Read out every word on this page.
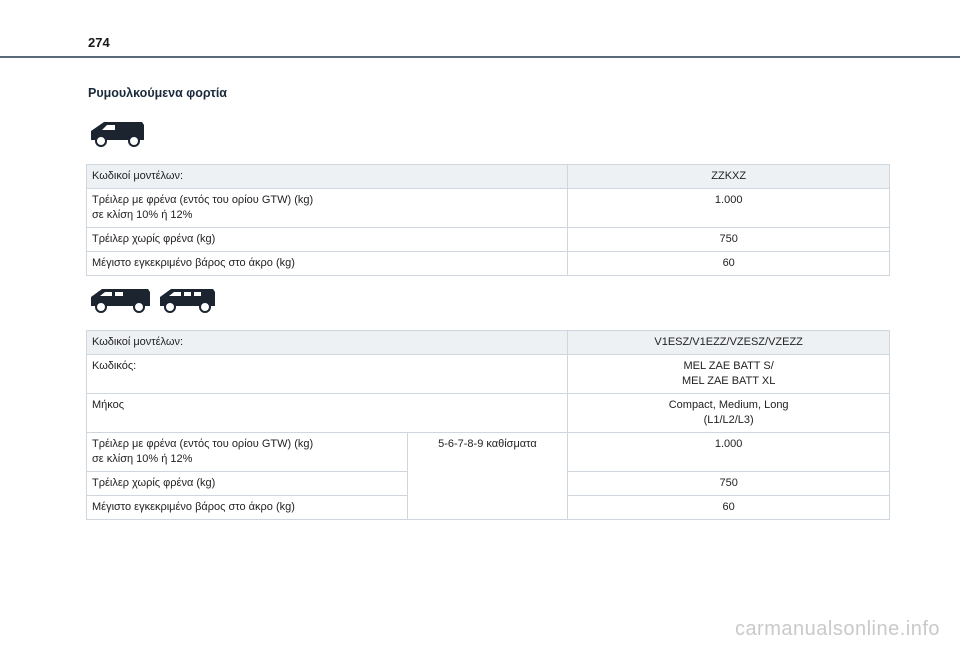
274
Ρυμουλκούμενα φορτία
Κωδικοί μοντέλων:	ZZKXZ

Τρέιλερ με φρένα (εντός του ορίου GTW) (kg)
σε κλίση 10% ή 12%	1.000

Τρέιλερ χωρίς φρένα (kg)	750

Μέγιστο εγκεκριμένο βάρος στο άκρο (kg)	60
Κωδικοί μοντέλων:		V1ESZ/V1EZZ/VZESZ/VZEZZ

Κωδικός:		MEL ZAE BATT S/
MEL ZAE BATT XL

Μήκος		Compact, Medium, Long
(L1/L2/L3)

Τρέιλερ με φρένα (εντός του ορίου GTW) (kg)
σε κλίση 10% ή 12%	5-6-7-8-9 καθίσματα	1.000

Τρέιλερ χωρίς φρένα (kg)		750

Μέγιστο εγκεκριμένο βάρος στο άκρο (kg)		60
carmanualsonline.info
